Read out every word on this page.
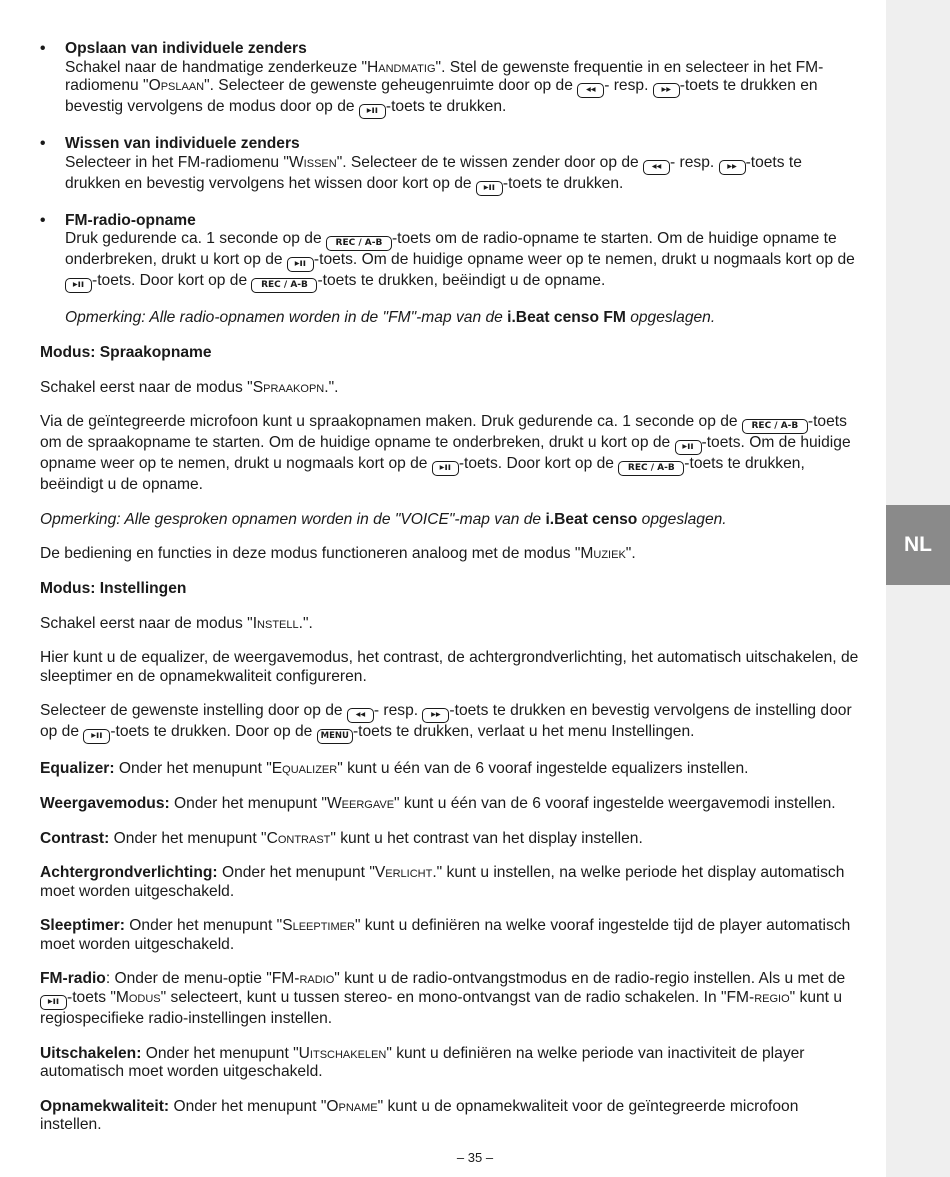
NL
• Opslaan van individuele zenders
Schakel naar de handmatige zenderkeuze "Handmatig". Stel de gewenste frequentie in en selecteer in het FM-radiomenu "Opslaan". Selecteer de gewenste geheugenruimte door op de ◂◂ - resp. ▸▸ -toets te drukken en bevestig vervolgens de modus door op de ▸ıı -toets te drukken.
• Wissen van individuele zenders
Selecteer in het FM-radiomenu "Wissen". Selecteer de te wissen zender door op de ◂◂ - resp. ▸▸ -toets te drukken en bevestig vervolgens het wissen door kort op de ▸ıı -toets te drukken.
• FM-radio-opname
Druk gedurende ca. 1 seconde op de REC / A-B -toets om de radio-opname te starten. Om de huidige opname te onderbreken, drukt u kort op de ▸ıı -toets. Om de huidige opname weer op te nemen, drukt u nogmaals kort op de ▸ıı -toets. Door kort op de REC / A-B -toets te drukken, beëindigt u de opname.
Opmerking: Alle radio-opnamen worden in de "FM"-map van de i.Beat censo FM opgeslagen.

Modus: Spraakopname

Schakel eerst naar de modus "Spraakopn.".

Via de geïntegreerde microfoon kunt u spraakopnamen maken. Druk gedurende ca. 1 seconde op de REC / A-B -toets om de spraakopname te starten. Om de huidige opname te onderbreken, drukt u kort op de ▸ıı -toets. Om de huidige opname weer op te nemen, drukt u nogmaals kort op de ▸ıı -toets. Door kort op de REC / A-B -toets te drukken, beëindigt u de opname.

Opmerking: Alle gesproken opnamen worden in de "VOICE"-map van de i.Beat censo opgeslagen.

De bediening en functies in deze modus functioneren analoog met de modus "Muziek".

Modus: Instellingen

Schakel eerst naar de modus "Instell.".

Hier kunt u de equalizer, de weergavemodus, het contrast, de achtergrondverlichting, het automatisch uitschakelen, de sleeptimer en de opnamekwaliteit configureren.

Selecteer de gewenste instelling door op de ◂◂ - resp. ▸▸ -toets te drukken en bevestig vervolgens de instelling door op de ▸ıı -toets te drukken. Door op de MENU -toets te drukken, verlaat u het menu Instellingen.

Equalizer: Onder het menupunt "Equalizer" kunt u één van de 6 vooraf ingestelde equalizers instellen.

Weergavemodus: Onder het menupunt "Weergave" kunt u één van de 6 vooraf ingestelde weergavemodi instellen.

Contrast: Onder het menupunt "Contrast" kunt u het contrast van het display instellen.

Achtergrondverlichting: Onder het menupunt "Verlicht." kunt u instellen, na welke periode het display automatisch moet worden uitgeschakeld.

Sleeptimer: Onder het menupunt "Sleeptimer" kunt u definiëren na welke vooraf ingestelde tijd de player automatisch moet worden uitgeschakeld.

FM-radio: Onder de menu-optie "FM-radio" kunt u de radio-ontvangstmodus en de radio-regio instellen. Als u met de ▸ıı -toets "Modus" selecteert, kunt u tussen stereo- en mono-ontvangst van de radio schakelen. In "FM-regio" kunt u regiospecifieke radio-instellingen instellen.

Uitschakelen: Onder het menupunt "Uitschakelen" kunt u definiëren na welke periode van inactiviteit de player automatisch moet worden uitgeschakeld.

Opnamekwaliteit: Onder het menupunt "Opname" kunt u de opnamekwaliteit voor de geïntegreerde microfoon instellen.

– 35 –
